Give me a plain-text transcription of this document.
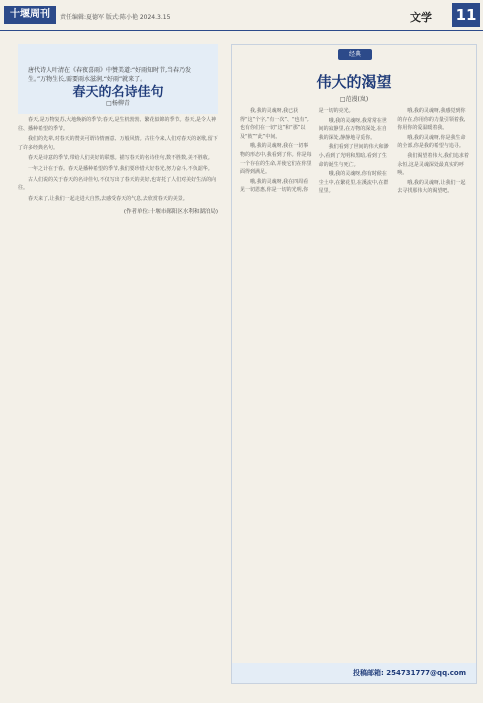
十堰周刊	责任编辑:夏德军 版式:陈小艳 2024.3.15	文学 11
唐代诗人叶清在《春夜喜雨》中赞美道:“好雨知时节,当春乃发生。”万物生长,需要雨水滋润,“好雨”就来了。
春天的名诗佳句
□杨柳青

春天,是万物复苏,大地焕新的季节;春天,是生机勃勃、繁花似锦的季节。春天,是令人神往、播种希望的季节。

我们的先辈,对春天的赞美可谓诗情画意、万般风情。古往今来,人们对春天的讴歌,留下了许多经典名句。

春天是诗意的季节,带给人们美好的联想。描写春天的名诗佳句,数不胜数,美不胜收。

一年之计在于春。春天是播种希望的季节,我们要珍惜大好春光,努力奋斗,不负韶华。

古人们说的关于春天的名诗佳句,不仅写出了春天的美好,也寄托了人们对美好生活的向往。

春天来了,让我们一起走进大自然,去感受春天的气息,去欣赏春天的美景。

(作者单位:十堰市郧阳区水利和湖泊局)
经典
伟大的渴望
□范漫(岚)

我,我的灵魂呀,我已获得“这”个字,“有一次”、“也有”,也有你们在一切“这”和“那”以及“彼”“此”中间。

哦,我的灵魂呀,我在一切事物的形态中,我看到了你。你是每一个存在的生命,并使它们在你里面得到满足。

哦,我的灵魂呀,我在四周看见一切恩惠,你是一切的光明,你是一切的亮光。

哦,我的灵魂呀,我常常在世间的寂静里,在万物的深处,在自我的深处,静静地寻觅你。

我们看到了世间的伟大和渺小,看到了光明和黑暗,看到了生命的诞生与死亡。

哦,我的灵魂呀,你有时候在尘土中,在繁花里,在溪流中,在群星里。

哦,我的灵魂呀,我感觉到你的存在,你用你的力量引领着我,你用你的爱温暖着我。

哦,我的灵魂呀,你是我生命的全部,你是我的希望与追寻。

我们渴望着伟大,我们追求着永恒,这是灵魂深处最真实的呼唤。

哦,我的灵魂呀,让我们一起去寻找那伟大的渴望吧。

投稿邮箱: 254731777@qq.com
